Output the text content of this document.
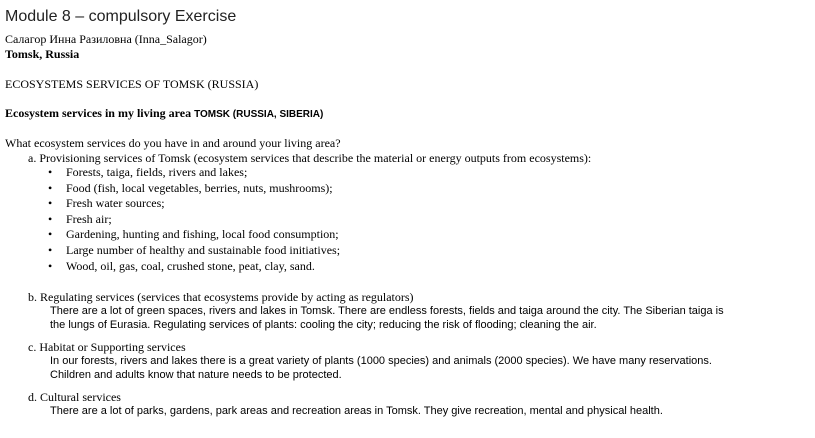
Module 8 – compulsory Exercise
Салагор Инна Разиловна (Inna_Salagor)
Tomsk, Russia
ECOSYSTEMS SERVICES OF TOMSK (RUSSIA)
Ecosystem services in my living area TOMSK (RUSSIA, SIBERIA)
What ecosystem services do you have in and around your living area?
a. Provisioning services of Tomsk (ecosystem services that describe the material or energy outputs from ecosystems):
• Forests, taiga, fields, rivers and lakes;
• Food (fish, local vegetables, berries, nuts, mushrooms);
• Fresh water sources;
• Fresh air;
• Gardening, hunting and fishing, local food consumption;
• Large number of healthy and sustainable food initiatives;
• Wood, oil, gas, coal, crushed stone, peat, clay, sand.
b. Regulating services (services that ecosystems provide by acting as regulators)
There are a lot of green spaces, rivers and lakes in Tomsk. There are endless forests, fields and taiga around the city. The Siberian taiga is
the lungs of Eurasia. Regulating services of plants: cooling the city; reducing the risk of flooding; cleaning the air.
c. Habitat or Supporting services
In our forests, rivers and lakes there is a great variety of plants (1000 species) and animals (2000 species). We have many reservations.
Children and adults know that nature needs to be protected.
d. Cultural services
There are a lot of parks, gardens, park areas and recreation areas in Tomsk. They give recreation, mental and physical health.
